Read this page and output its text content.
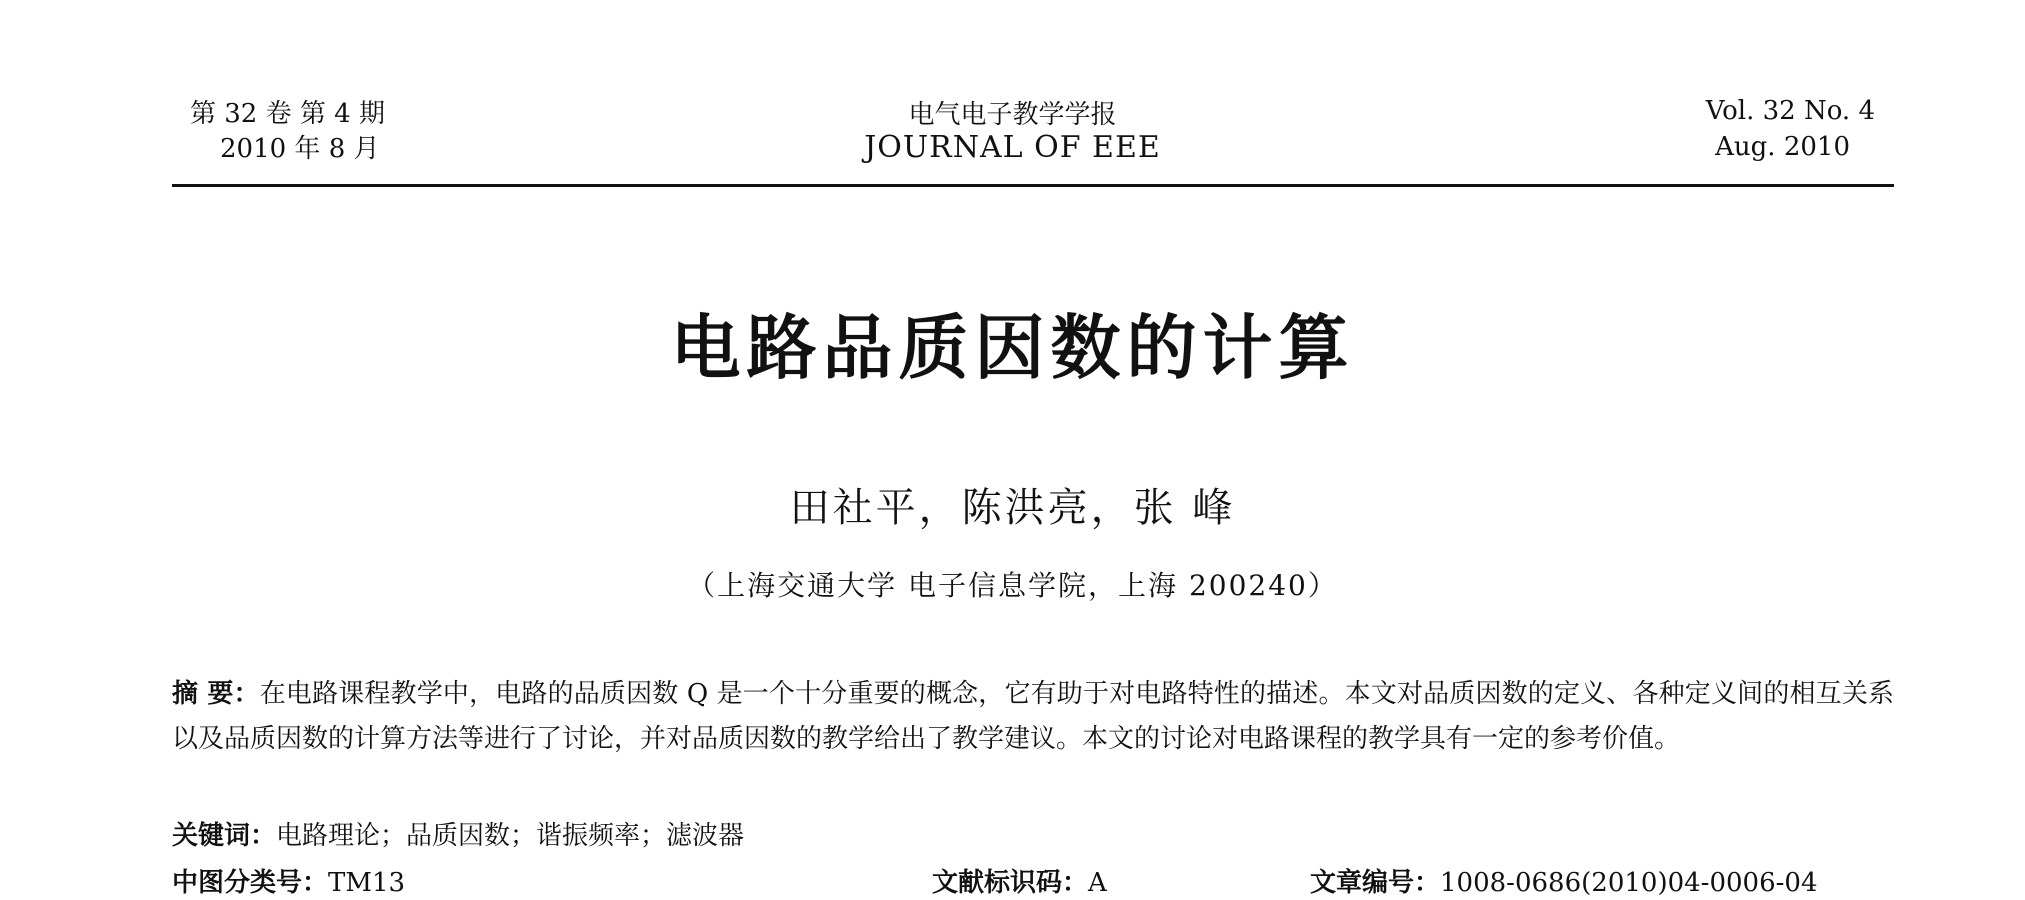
第 32 卷 第 4 期
2010 年 8 月
电气电子教学学报
JOURNAL OF EEE
Vol. 32 No. 4
Aug. 2010
电路品质因数的计算
田社平，陈洪亮，张 峰
（上海交通大学 电子信息学院，上海 200240）
摘 要：在电路课程教学中，电路的品质因数 Q 是一个十分重要的概念，它有助于对电路特性的描述。本文对品质因数的定义、各种定义间的相互关系以及品质因数的计算方法等进行了讨论，并对品质因数的教学给出了教学建议。本文的讨论对电路课程的教学具有一定的参考价值。
关键词：电路理论；品质因数；谐振频率；滤波器
中图分类号：TM13	文献标识码：A	文章编号：1008-0686(2010)04-0006-04
